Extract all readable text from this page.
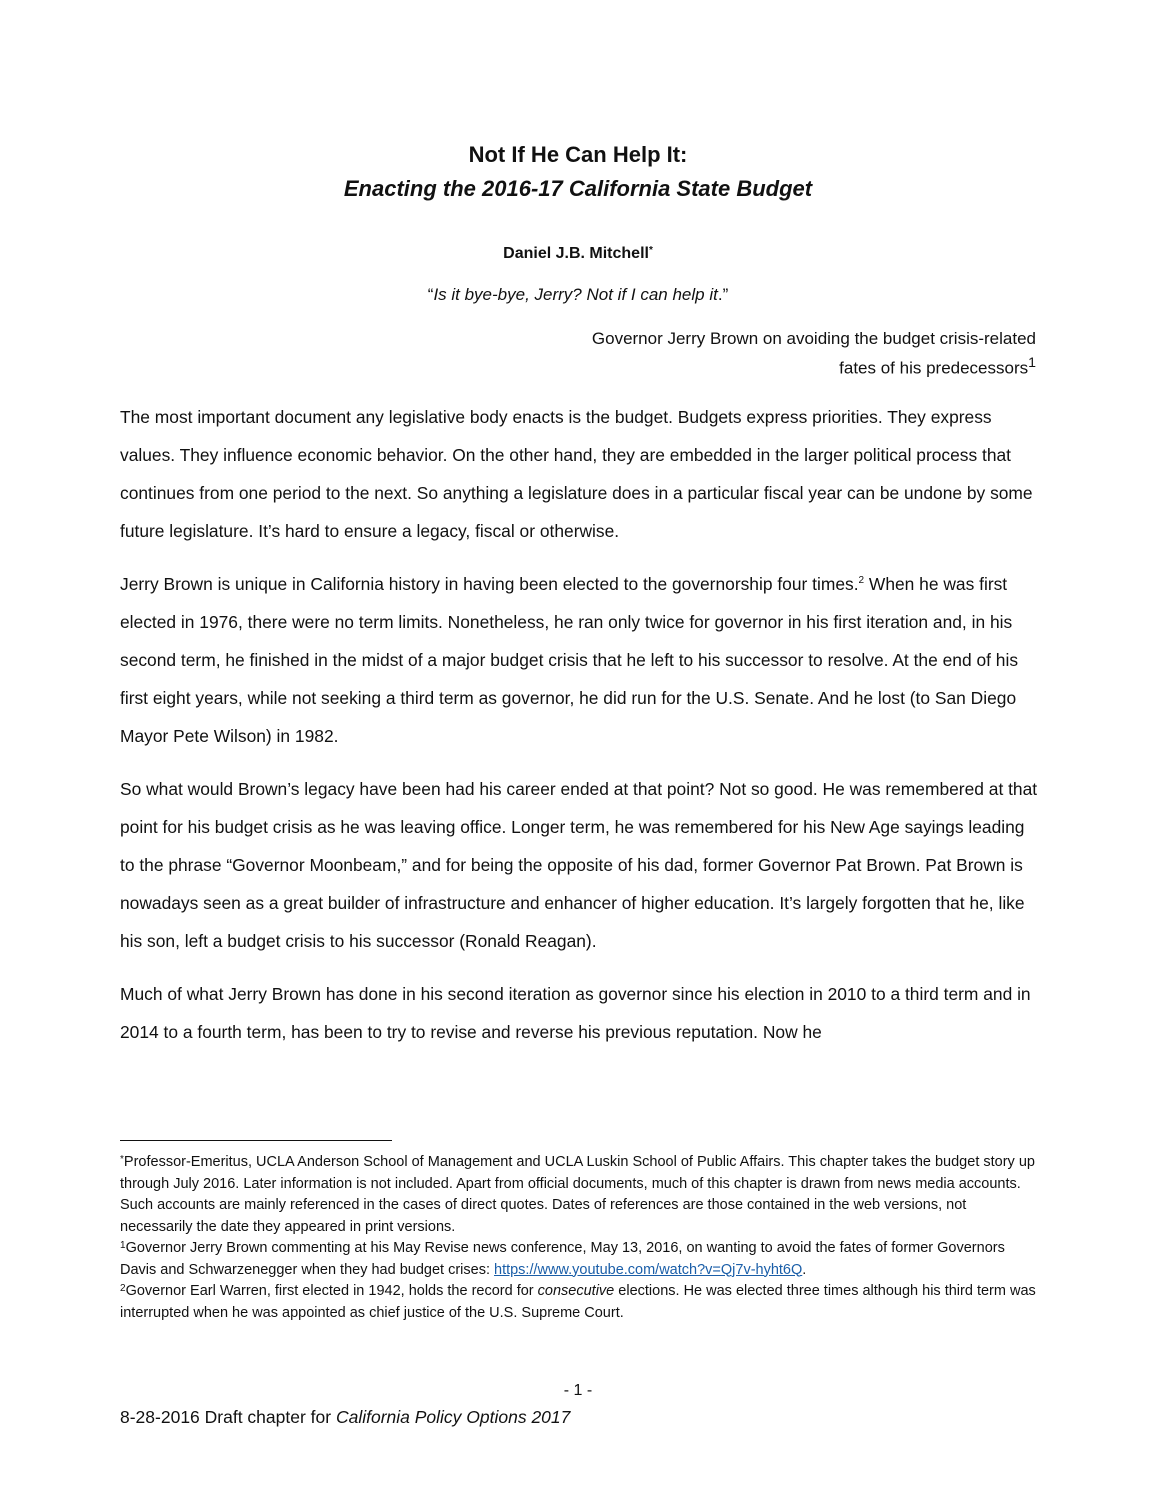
Not If He Can Help It:
Enacting the 2016-17 California State Budget
Daniel J.B. Mitchell*
“Is it bye-bye, Jerry? Not if I can help it.”
Governor Jerry Brown on avoiding the budget crisis-related
fates of his predecessors$^1$

The most important document any legislative body enacts is the budget. Budgets express priorities. They express values. They influence economic behavior. On the other hand, they are embedded in the larger political process that continues from one period to the next. So anything a legislature does in a particular fiscal year can be undone by some future legislature. It’s hard to ensure a legacy, fiscal or otherwise.

Jerry Brown is unique in California history in having been elected to the governorship four times.$^2$ When he was first elected in 1976, there were no term limits. Nonetheless, he ran only twice for governor in his first iteration and, in his second term, he finished in the midst of a major budget crisis that he left to his successor to resolve. At the end of his first eight years, while not seeking a third term as governor, he did run for the U.S. Senate. And he lost (to San Diego Mayor Pete Wilson) in 1982.

So what would Brown’s legacy have been had his career ended at that point? Not so good. He was remembered at that point for his budget crisis as he was leaving office. Longer term, he was remembered for his New Age sayings leading to the phrase “Governor Moonbeam,” and for being the opposite of his dad, former Governor Pat Brown. Pat Brown is nowadays seen as a great builder of infrastructure and enhancer of higher education. It’s largely forgotten that he, like his son, left a budget crisis to his successor (Ronald Reagan).

Much of what Jerry Brown has done in his second iteration as governor since his election in 2010 to a third term and in 2014 to a fourth term, has been to try to revise and reverse his previous reputation. Now he

*Professor-Emeritus, UCLA Anderson School of Management and UCLA Luskin School of Public Affairs. This chapter takes the budget story up through July 2016. Later information is not included. Apart from official documents, much of this chapter is drawn from news media accounts. Such accounts are mainly referenced in the cases of direct quotes. Dates of references are those contained in the web versions, not necessarily the date they appeared in print versions.

$^1$Governor Jerry Brown commenting at his May Revise news conference, May 13, 2016, on wanting to avoid the fates of former Governors Davis and Schwarzenegger when they had budget crises: https://www.youtube.com/watch?v=Qj7v-hyht6Q.

$^2$Governor Earl Warren, first elected in 1942, holds the record for consecutive elections. He was elected three times although his third term was interrupted when he was appointed as chief justice of the U.S. Supreme Court.

- 1 -
8-28-2016 Draft chapter for California Policy Options 2017
